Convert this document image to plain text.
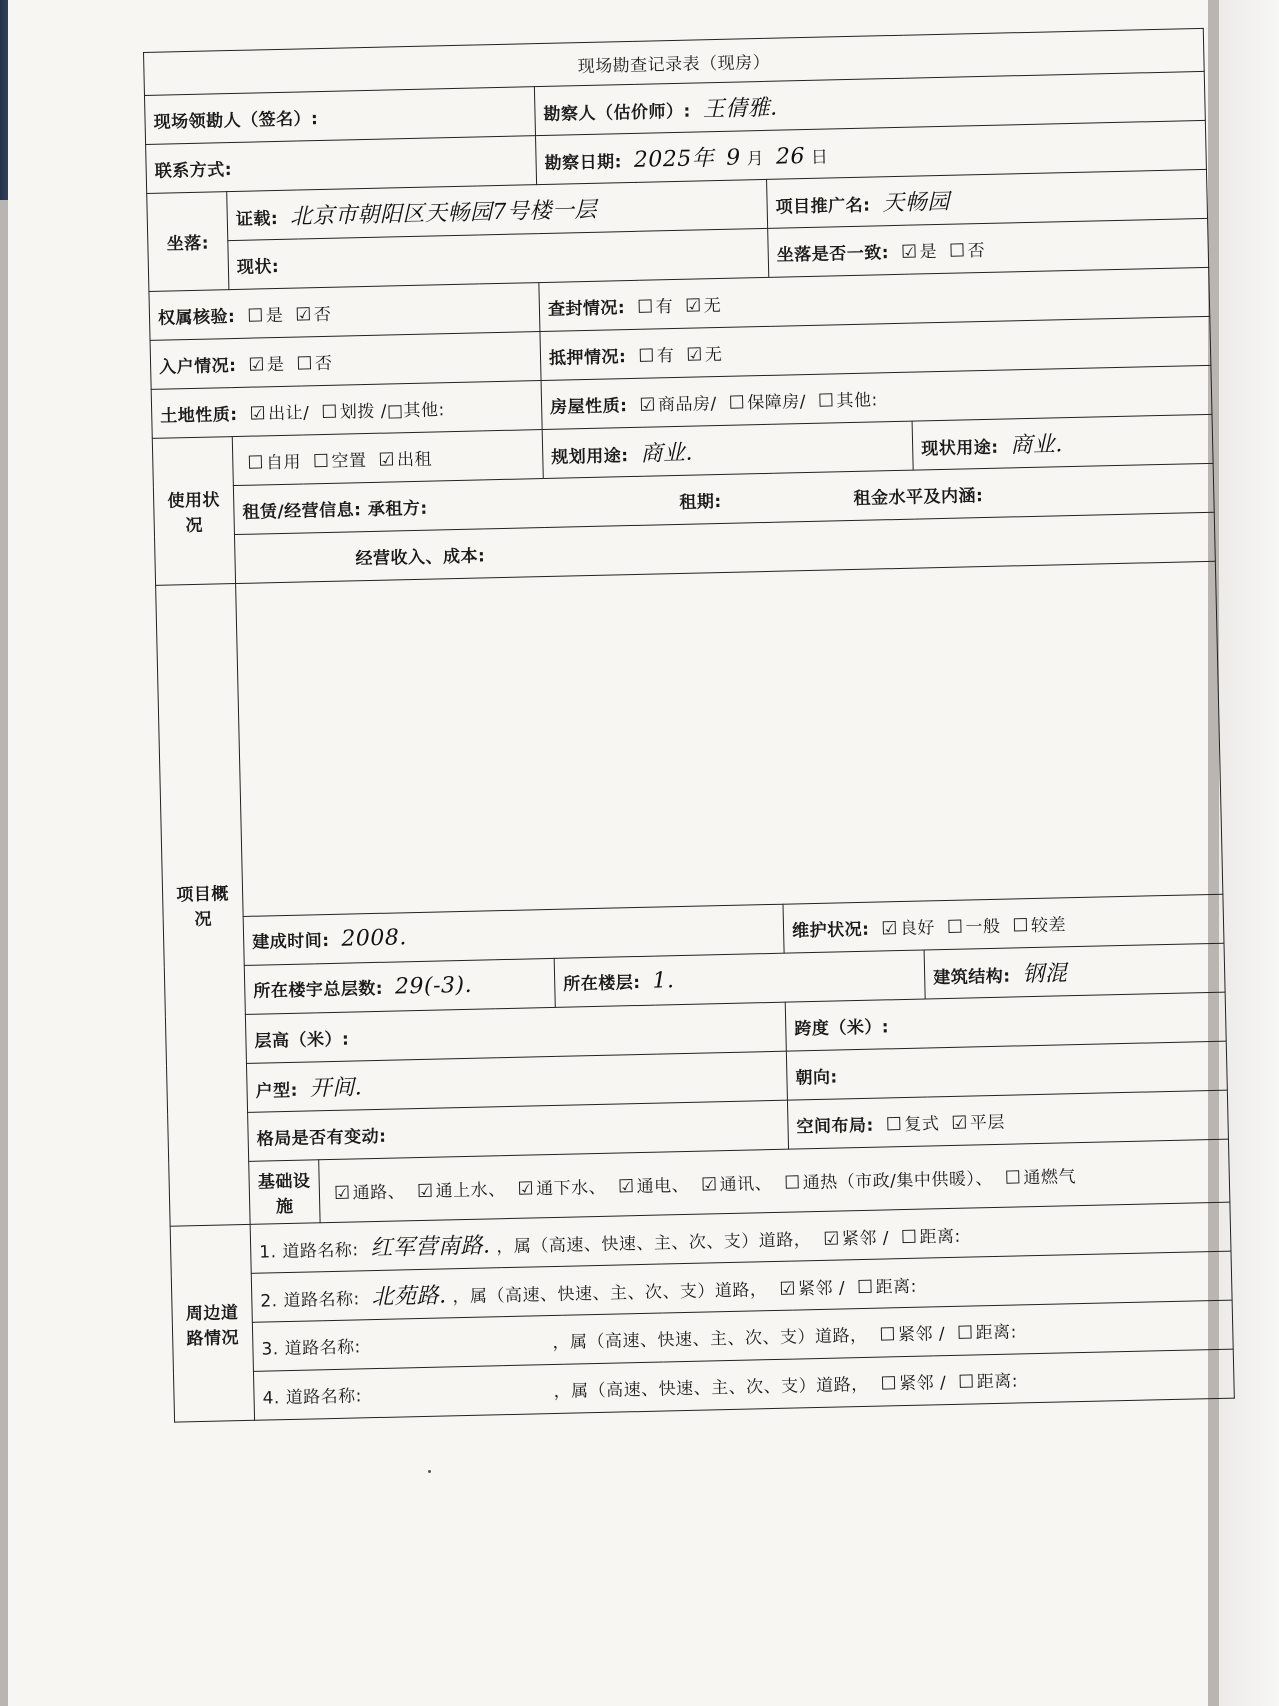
现场勘查记录表（现房）					
现场领勘人（签名）:			勘察人（估价师）: 王倩雅.		
联系方式:			勘察日期: 2025年 9 月 26 日		
坐落:	证载: 北京市朝阳区天畅园7号楼一层			项目推广名: 天畅园	
	现状:			坐落是否一致: ☑是 ☐否	
权属核验: ☐是 ☑否			查封情况: ☐有 ☑无		
入户情况: ☑是 ☐否			抵押情况: ☐有 ☑无		
土地性质: ☑出让/ ☐划拨 /□其他:			房屋性质: ☑商品房/ ☐保障房/ ☐其他:		
使用状况	☐自用 ☐空置 ☑出租		规划用途: 商业.		现状用途: 商业.
	租赁/经营信息: 承租方: 租期: 租金水平及内涵:				
	经营收入、成本:				
项目概况					
	建成时间: 2008.			维护状况: ☑良好 ☐一般 ☐较差	
	所在楼宇总层数: 29(-3).		所在楼层: 1.		建筑结构: 钢混
	层高（米）:			跨度（米）:	
	户型: 开间.			朝向:	
	格局是否有变动:			空间布局: ☐复式 ☑平层	
	基础设施	☑通路、 ☑通上水、 ☑通下水、 ☑通电、 ☑通讯、 ☐通热（市政/集中供暖）、 ☐通燃气			
周边道路情况	1. 道路名称: 红军营南路. ，属（高速、快速、主、次、支）道路， ☑紧邻 / ☐距离:				
	2. 道路名称: 北苑路. ，属（高速、快速、主、次、支）道路， ☑紧邻 / ☐距离:				
	3. 道路名称: ，属（高速、快速、主、次、支）道路， ☐紧邻 / ☐距离:				
	4. 道路名称: ，属（高速、快速、主、次、支）道路， ☐紧邻 / ☐距离:				
